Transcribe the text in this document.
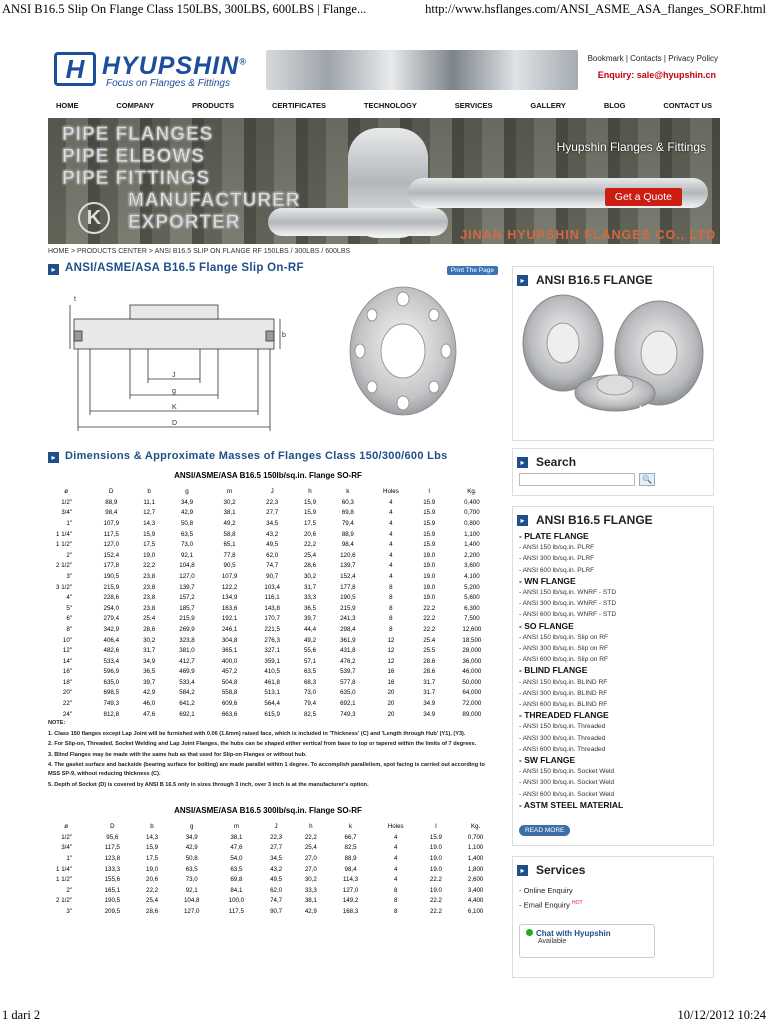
ANSI B16.5 Slip On Flange Class 150LBS, 300LBS, 600LBS | Flange...	http://www.hsflanges.com/ANSI_ASME_ASA_flanges_SORF.html
H HYUPSHIN®
Focus on Flanges & Fittings
Bookmark | Contacts | Privacy Policy
Enquiry: sale@hyupshin.cn
HOME	COMPANY	PRODUCTS	CERTIFICATES	TECHNOLOGY	SERVICES	GALLERY	BLOG	CONTACT US
PIPE FLANGES
PIPE ELBOWS
PIPE FITTINGS
MANUFACTURER
EXPORTER
K
Hyupshin Flanges & Fittings
Get a Quote
JINAN HYUPSHIN FLANGES CO., LTD
HOME > PRODUCTS CENTER > ANSI B16.5 SLIP ON FLANGE RF 150LBS / 300LBS / 600LBS
▸ ANSI/ASME/ASA B16.5 Flange Slip On-RF	Print The Page
t
b
J
g
K
D
▸ Dimensions & Approximate Masses of Flanges Class 150/300/600 Lbs
ANSI/ASME/ASA B16.5 150lb/sq.in. Flange SO-RF
ø	D	b	g	m	J	h	k	Holes	l	Kg.
1/2"	88,9	11,1	34,9	30,2	22,3	15,9	60,3	4	15.9	0,400
3/4"	98,4	12,7	42,9	38,1	27,7	15,9	69,8	4	15.9	0,700
1"	107,9	14,3	50,8	49,2	34,5	17,5	79,4	4	15.9	0,800
1 1/4"	117,5	15,9	63,5	58,8	43,2	20,6	88,9	4	15.9	1,100
1 1/2"	127,0	17,5	73,0	65,1	49,5	22,2	98,4	4	15.9	1,400
2"	152,4	19,0	92,1	77,8	62,0	25,4	120,6	4	19.0	2,200
2 1/2"	177,8	22,2	104,8	90,5	74,7	28,6	139,7	4	19.0	3,600
3"	190,5	23,8	127,0	107,9	90,7	30,2	152,4	4	19.0	4,100
3 1/2"	215,9	23,8	139,7	122,2	103,4	31,7	177,8	8	19.0	5,200
4"	228,6	23,8	157,2	134,9	116,1	33,3	190,5	8	19.0	5,600
5"	254,0	23,8	185,7	163,6	143,8	36,5	215,9	8	22.2	6,300
6"	279,4	25,4	215,9	192,1	170,7	39,7	241,3	8	22.2	7,500
8"	342,9	28,6	269,9	246,1	221,5	44,4	298,4	8	22.2	12,600
10"	406,4	30,2	323,8	304,8	276,3	49,2	361,9	12	25.4	18,500
12"	482,6	31,7	381,0	365,1	327,1	55,6	431,8	12	25.5	28,000
14"	533,4	34,9	412,7	400,0	359,1	57,1	476,2	12	28.6	36,000
16"	596,9	36,5	469,9	457,2	410,5	63,5	539,7	16	28.6	46,000
18"	635,0	39,7	533,4	504,8	461,8	68,3	577,8	16	31.7	50,000
20"	698,5	42,9	584,2	558,8	513,1	73,0	635,0	20	31.7	64,000
22"	749,3	46,0	641,2	609,6	564,4	79,4	692,1	20	34.9	72,000
24"	812,8	47,6	692,1	663,6	615,9	82,5	749,3	20	34.9	89,000

NOTE:

1. Class 150 flanges except Lap Joint will be furnished with 0.06 (1.6mm) raised face, which is included in 'Thickness' (C) and 'Length through Hub' (Y1), (Y3).

2. For Slip-on, Threaded, Socket Welding and Lap Joint Flanges, the hubs can be shaped either vertical from base to top or tapered within the limits of 7 degrees.

3. Blind Flanges may be made with the same hub as that used for Slip-on Flanges or without hub.

4. The gasket surface and backside (bearing surface for bolting) are made parallel within 1 degree. To accomplish parallelism, spot facing is carried out according to MSS SP-9, without reducing thickness (C).

5. Depth of Socket (D) is covered by ANSI B 16.5 only in sizes through 3 inch, over 3 inch is at the manufacturer's option.

ANSI/ASME/ASA B16.5 300lb/sq.in. Flange SO-RF
ø	D	b	g	m	J	h	k	Holes	l	Kg.
1/2"	95,6	14,3	34,9	38,1	22,3	22,2	66,7	4	15.9	0,700
3/4"	117,5	15,9	42,9	47,6	27,7	25,4	82,5	4	19.0	1,100
1"	123,8	17,5	50,8	54,0	34,5	27,0	88,9	4	19.0	1,400
1 1/4"	133,3	19,0	63,5	63,5	43,2	27,0	98,4	4	19.0	1,800
1 1/2"	155,6	20,6	73,0	69,8	49,5	30,2	114,3	4	22.2	2,600
2"	165,1	22,2	92,1	84,1	62,0	33,3	127,0	8	19.0	3,400
2 1/2"	190,5	25,4	104,8	100,0	74,7	38,1	149,2	8	22.2	4,400
3"	209,5	28,6	127,0	117,5	90,7	42,9	168,3	8	22.2	6,100
▸ ANSI B16.5 FLANGE
HYUPSHIN
▸ Search
🔍
▸ ANSI B16.5 FLANGE
- PLATE FLANGE
- ANSI 150 lb/sq.in. PLRF
- ANSI 300 lb/sq.in. PLRF
- ANSI 600 lb/sq.in. PLRF
- WN FLANGE
- ANSI 150 lb/sq.in. WNRF - STD
- ANSI 300 lb/sq.in. WNRF - STD
- ANSI 600 lb/sq.in. WNRF - STD
- SO FLANGE
- ANSI 150 lb/sq.in. Slip on RF
- ANSI 300 lb/sq.in. Slip on RF
- ANSI 600 lb/sq.in. Slip on RF
- BLIND FLANGE
- ANSI 150 lb/sq.in. BLIND RF
- ANSI 300 lb/sq.in. BLIND RF
- ANSI 600 lb/sq.in. BLIND RF
- THREADED FLANGE
- ANSI 150 lb/sq.in. Threaded
- ANSI 300 lb/sq.in. Threaded
- ANSI 600 lb/sq.in. Threaded
- SW FLANGE
- ANSI 150 lb/sq.in. Socket Weld
- ANSI 300 lb/sq.in. Socket Weld
- ANSI 600 lb/sq.in. Socket Weld
- ASTM STEEL MATERIAL
READ MORE
▸ Services
- Online Enquiry
- Email Enquiry $^{HOT}$
Chat with Hyupshin
Available
1 dari 2	10/12/2012 10:24
